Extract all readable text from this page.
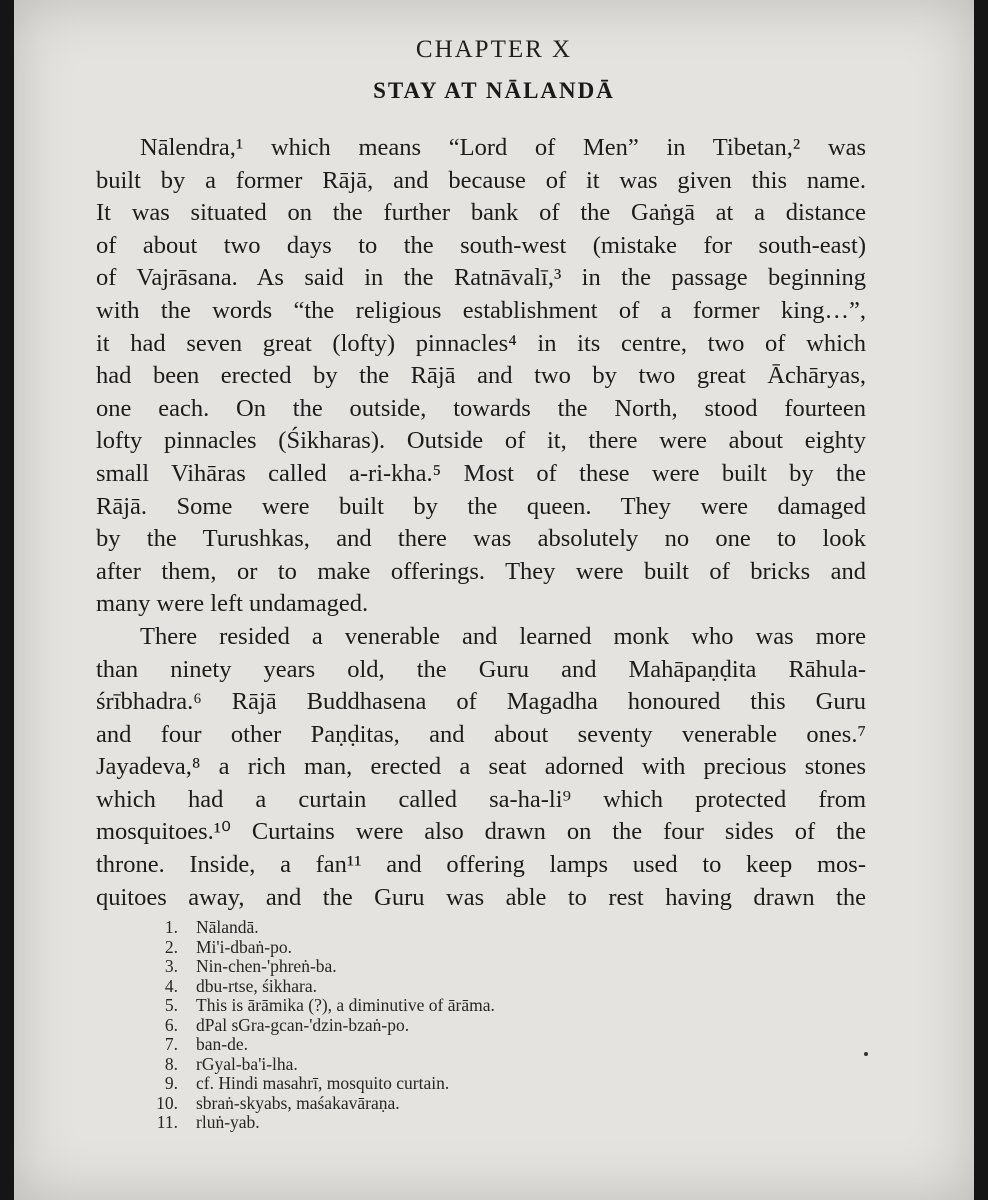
CHAPTER X
STAY AT NĀLANDĀ
Nālendra,¹ which means “Lord of Men” in Tibetan,² was
built by a former Rājā, and because of it was given this name.
It was situated on the further bank of the Gaṅgā at a distance
of about two days to the south-west (mistake for south-east)
of Vajrāsana. As said in the Ratnāvalī,³ in the passage beginning
with the words “the religious establishment of a former king…”,
it had seven great (lofty) pinnacles⁴ in its centre, two of which
had been erected by the Rājā and two by two great Āchāryas,
one each. On the outside, towards the North, stood fourteen
lofty pinnacles (Śikharas). Outside of it, there were about eighty
small Vihāras called a-ri-kha.⁵ Most of these were built by the
Rājā. Some were built by the queen. They were damaged
by the Turushkas, and there was absolutely no one to look
after them, or to make offerings. They were built of bricks and
many were left undamaged.
There resided a venerable and learned monk who was more
than ninety years old, the Guru and Mahāpaṇḍita Rāhula-
śrībhadra.⁶ Rājā Buddhasena of Magadha honoured this Guru
and four other Paṇḍitas, and about seventy venerable ones.⁷
Jayadeva,⁸ a rich man, erected a seat adorned with precious stones
which had a curtain called sa-ha-li⁹ which protected from
mosquitoes.¹⁰ Curtains were also drawn on the four sides of the
throne. Inside, a fan¹¹ and offering lamps used to keep mos-
quitoes away, and the Guru was able to rest having drawn the
1.	Nālandā.
2.	Mi'i-dbaṅ-po.
3.	Nin-chen-'phreṅ-ba.
4.	dbu-rtse, śikhara.
5.	This is ārāmika (?), a diminutive of ārāma.
6.	dPal sGra-gcan-'dzin-bzaṅ-po.
7.	ban-de.
8.	rGyal-ba'i-lha.
9.	cf. Hindi masahrī, mosquito curtain.
10.	sbraṅ-skyabs, maśakavāraṇa.
11.	rluṅ-yab.
